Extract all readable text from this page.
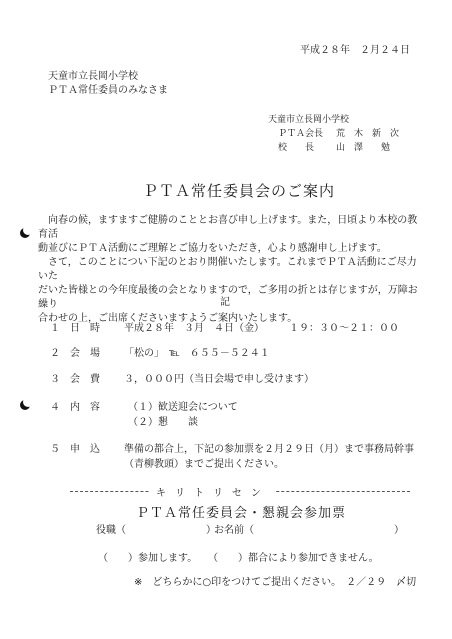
平成２８年　２月２４日
天童市立長岡小学校
ＰＴＡ常任委員のみなさま
天童市立長岡小学校
ＰＴＡ会長 荒　木　新　次
校　　長 山　澤　　勉
ＰＴＡ常任委員会のご案内
　向春の候，ますますご健勝のこととお喜び申し上げます。また，日頃より本校の教育活
動並びにＰＴＡ活動にご理解とご協力をいただき，心より感謝申し上げます。
　さて，このことについ下記のとおり開催いたします。これまでＰＴＡ活動にご尽力いた
だいた皆様との今年度最後の会となりますので，ご多用の折とは存じますが，万障お繰り
合わせの上，ご出席くださいますようご案内いたします。
記
１ 日　時 平成２８年　３月　４日（金）　　　１９：３０～２１：００
２ 会　場 「松の」　℡　６５５－５２４１
３ 会　費 ３，０００円（当日会場で申し受けます）
４ 内　容	（１）歓送迎会について
（２）懇　　談
５ 申　込 準備の都合上，下記の参加票を２月２９日（月）まで事務局幹事
（青柳教頭）までご提出ください。
キリトリセン
ＰＴＡ常任委員会・懇親会参加票
役職（　　　　　　　　）
お名前（　　　　　　　　　　　　　　）
（　　）参加します。 （　　）都合により参加できません。
※　どちらかに○印をつけてご提出ください。　２／２９　〆切
